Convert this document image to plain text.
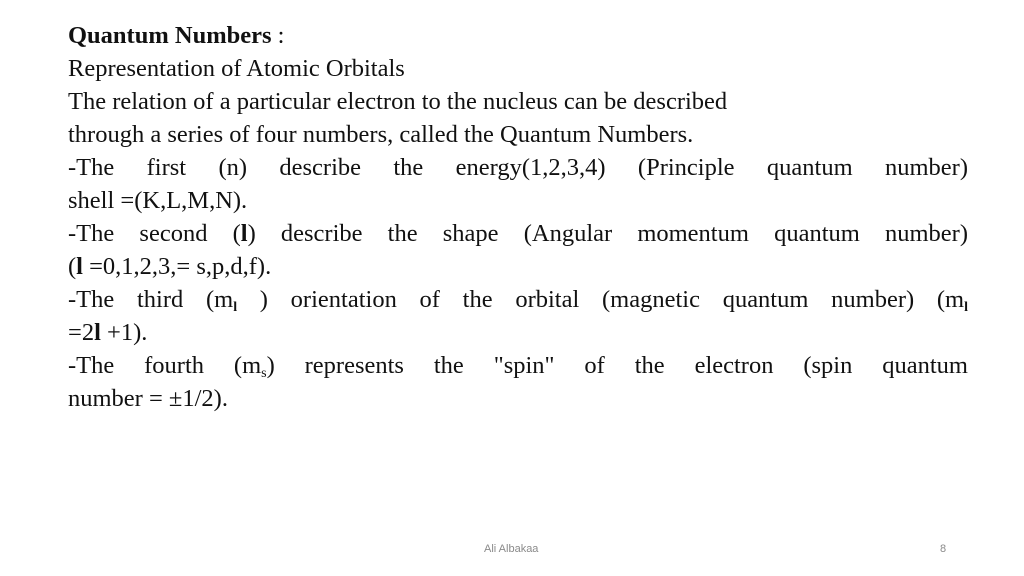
Quantum Numbers :
Representation of Atomic Orbitals
The relation of a particular electron to the nucleus can be described
through a series of four numbers, called the Quantum Numbers.
-The first (n) describe the energy(1,2,3,4) (Principle quantum number)
shell =(K,L,M,N).
-The second (l) describe the shape (Angular momentum quantum number)
(l =0,1,2,3,= s,p,d,f).
-The third ($m_l$ ) orientation of the orbital (magnetic quantum number) ($m_l$
=2l +1).
-The fourth $(m_s)$ represents the "spin" of the electron (spin quantum
number = ±1/2).
Ali Albakaa	8
